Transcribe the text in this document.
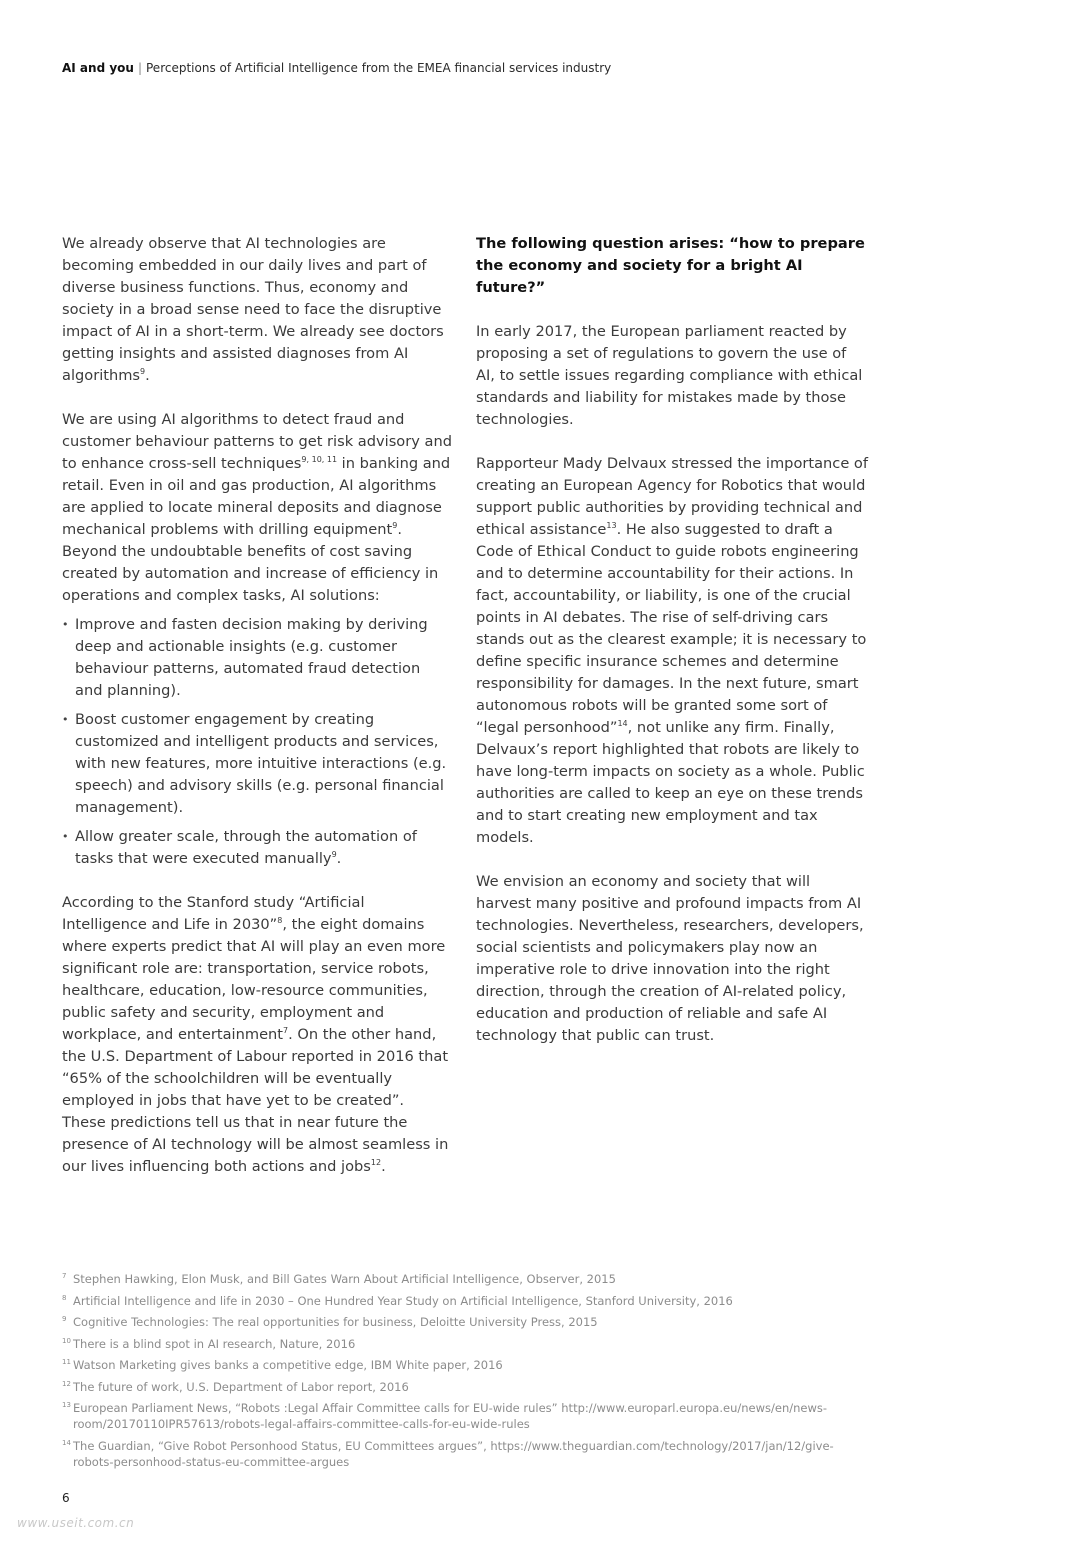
AI and you | Perceptions of Artificial Intelligence from the EMEA financial services industry

We already observe that AI technologies are becoming embedded in our daily lives and part of diverse business functions. Thus, economy and society in a broad sense need to face the disruptive impact of AI in a short-term. We already see doctors getting insights and assisted diagnoses from AI algorithms$^9$.

We are using AI algorithms to detect fraud and customer behaviour patterns to get risk advisory and to enhance cross-sell techniques$^{9, 10, 11}$ in banking and retail. Even in oil and gas production, AI algorithms are applied to locate mineral deposits and diagnose mechanical problems with drilling equipment$^9$. Beyond the undoubtable benefits of cost saving created by automation and increase of efficiency in operations and complex tasks, AI solutions:

• Improve and fasten decision making by deriving deep and actionable insights (e.g. customer behaviour patterns, automated fraud detection and planning).
• Boost customer engagement by creating customized and intelligent products and services, with new features, more intuitive interactions (e.g. speech) and advisory skills (e.g. personal financial management).
• Allow greater scale, through the automation of tasks that were executed manually$^9$.

According to the Stanford study “Artificial Intelligence and Life in 2030”$^8$, the eight domains where experts predict that AI will play an even more significant role are: transportation, service robots, healthcare, education, low-resource communities, public safety and security, employment and workplace, and entertainment$^7$. On the other hand, the U.S. Department of Labour reported in 2016 that “65% of the schoolchildren will be eventually employed in jobs that have yet to be created”. These predictions tell us that in near future the presence of AI technology will be almost seamless in our lives influencing both actions and jobs$^{12}$.

The following question arises: “how to prepare the economy and society for a bright AI future?”

In early 2017, the European parliament reacted by proposing a set of regulations to govern the use of AI, to settle issues regarding compliance with ethical standards and liability for mistakes made by those technologies.

Rapporteur Mady Delvaux stressed the importance of creating an European Agency for Robotics that would support public authorities by providing technical and ethical assistance$^{13}$. He also suggested to draft a Code of Ethical Conduct to guide robots engineering and to determine accountability for their actions. In fact, accountability, or liability, is one of the crucial points in AI debates. The rise of self-driving cars stands out as the clearest example; it is necessary to define specific insurance schemes and determine responsibility for damages. In the next future, smart autonomous robots will be granted some sort of “legal personhood”$^{14}$, not unlike any firm. Finally, Delvaux’s report highlighted that robots are likely to have long-term impacts on society as a whole. Public authorities are called to keep an eye on these trends and to start creating new employment and tax models.

We envision an economy and society that will harvest many positive and profound impacts from AI technologies. Nevertheless, researchers, developers, social scientists and policymakers play now an imperative role to drive innovation into the right direction, through the creation of AI-related policy, education and production of reliable and safe AI technology that public can trust.

7 Stephen Hawking, Elon Musk, and Bill Gates Warn About Artificial Intelligence, Observer, 2015
8 Artificial Intelligence and life in 2030 – One Hundred Year Study on Artificial Intelligence, Stanford University, 2016
9 Cognitive Technologies: The real opportunities for business, Deloitte University Press, 2015
10 There is a blind spot in AI research, Nature, 2016
11 Watson Marketing gives banks a competitive edge, IBM White paper, 2016
12 The future of work, U.S. Department of Labor report, 2016
13 European Parliament News, “Robots :Legal Affair Committee calls for EU-wide rules” http://www.europarl.europa.eu/news/en/news-room/20170110IPR57613/robots-legal-affairs-committee-calls-for-eu-wide-rules
14 The Guardian, “Give Robot Personhood Status, EU Committees argues”, https://www.theguardian.com/technology/2017/jan/12/give-robots-personhood-status-eu-committee-argues
6
www.useit.com.cn
